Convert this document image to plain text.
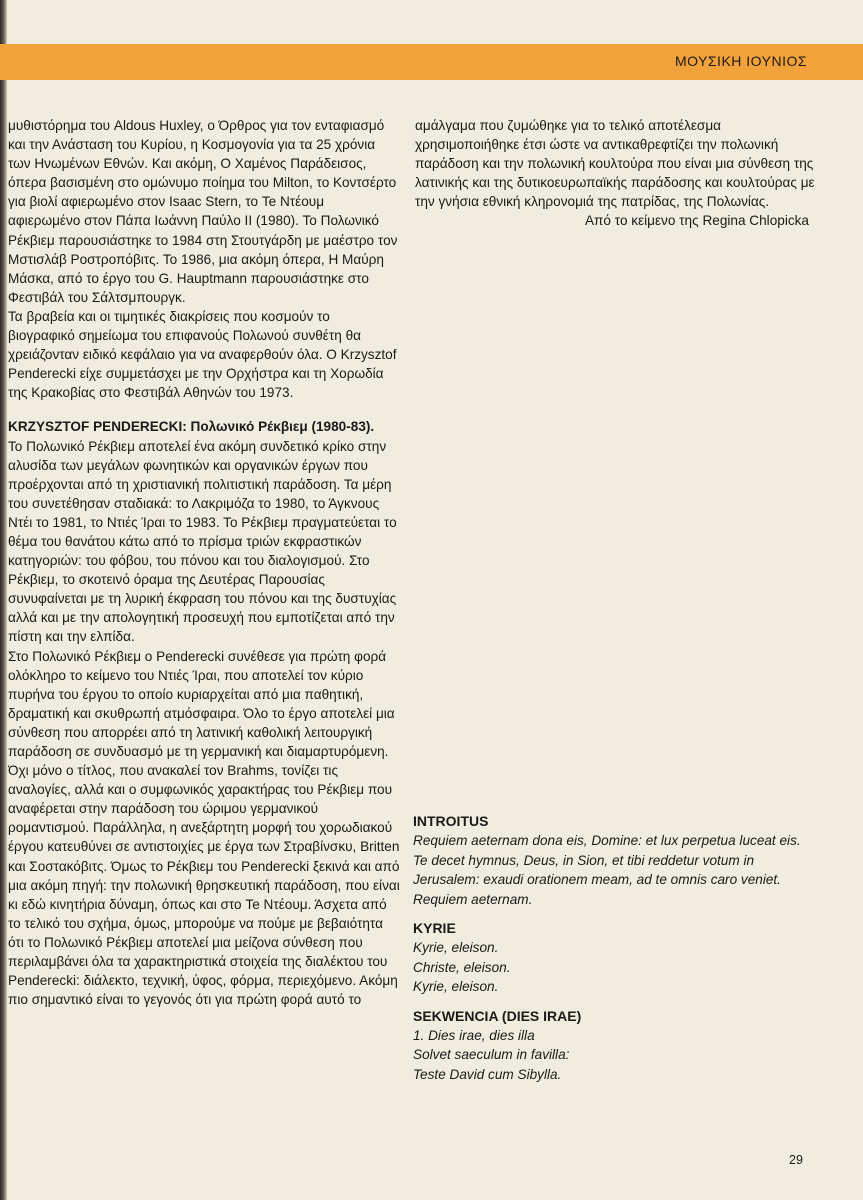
ΜΟΥΣΙΚΗ ΙΟΥΝΙΟΣ

μυθιστόρημα του Aldous Huxley, ο Όρθρος για τον ενταφιασμό και την Ανάσταση του Κυρίου, η Κοσμογονία για τα 25 χρόνια των Ηνωμένων Εθνών. Και ακόμη, Ο Χαμένος Παράδεισος, όπερα βασισμένη στο ομώνυμο ποίημα του Milton, το Κοντσέρτο για βιολί αφιερωμένο στον Isaac Stern, το Te Ντέουμ αφιερωμένο στον Πάπα Ιωάννη Παύλο ΙΙ (1980). Το Πολωνικό Ρέκβιεμ παρουσιάστηκε το 1984 στη Στουτγάρδη με μαέστρο τον Μστισλάβ Ροστροπόβιτς. Το 1986, μια ακόμη όπερα, Η Μαύρη Μάσκα, από το έργο του G. Hauptmann παρουσιάστηκε στο Φεστιβάλ του Σάλτσμπουργκ.

Τα βραβεία και οι τιμητικές διακρίσεις που κοσμούν το βιογραφικό σημείωμα του επιφανούς Πολωνού συνθέτη θα χρειάζονταν ειδικό κεφάλαιο για να αναφερθούν όλα. Ο Krzysztof Penderecki είχε συμμετάσχει με την Ορχήστρα και τη Χορωδία της Κρακοβίας στο Φεστιβάλ Αθηνών του 1973.

KRZYSZTOF PENDERECKI: Πολωνικό Ρέκβιεμ (1980-83).

Το Πολωνικό Ρέκβιεμ αποτελεί ένα ακόμη συνδετικό κρίκο στην αλυσίδα των μεγάλων φωνητικών και οργανικών έργων που προέρχονται από τη χριστιανική πολιτιστική παράδοση. Τα μέρη του συνετέθησαν σταδιακά: το Λακριμόζα το 1980, το Άγκνους Ντέι το 1981, το Ντιές Ίραι το 1983. Το Ρέκβιεμ πραγματεύεται το θέμα του θανάτου κάτω από το πρίσμα τριών εκφραστικών κατηγοριών: του φόβου, του πόνου και του διαλογισμού. Στο Ρέκβιεμ, το σκοτεινό όραμα της Δευτέρας Παρουσίας συνυφαίνεται με τη λυρική έκφραση του πόνου και της δυστυχίας αλλά και με την απολογητική προσευχή που εμποτίζεται από την πίστη και την ελπίδα.

Στο Πολωνικό Ρέκβιεμ ο Penderecki συνέθεσε για πρώτη φορά ολόκληρο το κείμενο του Ντιές Ίραι, που αποτελεί τον κύριο πυρήνα του έργου το οποίο κυριαρχείται από μια παθητική, δραματική και σκυθρωπή ατμόσφαιρα. Όλο το έργο αποτελεί μια σύνθεση που απορρέει από τη λατινική καθολική λειτουργική παράδοση σε συνδυασμό με τη γερμανική και διαμαρτυρόμενη. Όχι μόνο ο τίτλος, που ανακαλεί τον Brahms, τονίζει τις αναλογίες, αλλά και ο συμφωνικός χαρακτήρας του Ρέκβιεμ που αναφέρεται στην παράδοση του ώριμου γερμανικού ρομαντισμού. Παράλληλα, η ανεξάρτητη μορφή του χορωδιακού έργου κατευθύνει σε αντιστοιχίες με έργα των Στραβίνσκυ, Britten και Σοστακόβιτς. Όμως το Ρέκβιεμ του Penderecki ξεκινά και από μια ακόμη πηγή: την πολωνική θρησκευτική παράδοση, που είναι κι εδώ κινητήρια δύναμη, όπως και στο Te Ντέουμ. Άσχετα από το τελικό του σχήμα, όμως, μπορούμε να πούμε με βεβαιότητα ότι το Πολωνικό Ρέκβιεμ αποτελεί μια μείζονα σύνθεση που περιλαμβάνει όλα τα χαρακτηριστικά στοιχεία της διαλέκτου του Penderecki: διάλεκτο, τεχνική, ύφος, φόρμα, περιεχόμενο. Ακόμη πιο σημαντικό είναι το γεγονός ότι για πρώτη φορά αυτό το

αμάλγαμα που ζυμώθηκε για το τελικό αποτέλεσμα χρησιμοποιήθηκε έτσι ώστε να αντικαθρεφτίζει την πολωνική παράδοση και την πολωνική κουλτούρα που είναι μια σύνθεση της λατινικής και της δυτικοευρωπαϊκής παράδοσης και κουλτούρας με την γνήσια εθνική κληρονομιά της πατρίδας, της Πολωνίας.

Από το κείμενο της Regina Chlopicka

INTROITUS

Requiem aeternam dona eis, Domine: et lux perpetua luceat eis. Te decet hymnus, Deus, in Sion, et tibi reddetur votum in Jerusalem: exaudi orationem meam, ad te omnis caro veniet. Requiem aeternam.

KYRIE

Kyrie, eleison.
Christe, eleison.
Kyrie, eleison.

SEKWENCIA (DIES IRAE)

1. Dies irae, dies illa
Solvet saeculum in favilla:
Teste David cum Sibylla.

29
